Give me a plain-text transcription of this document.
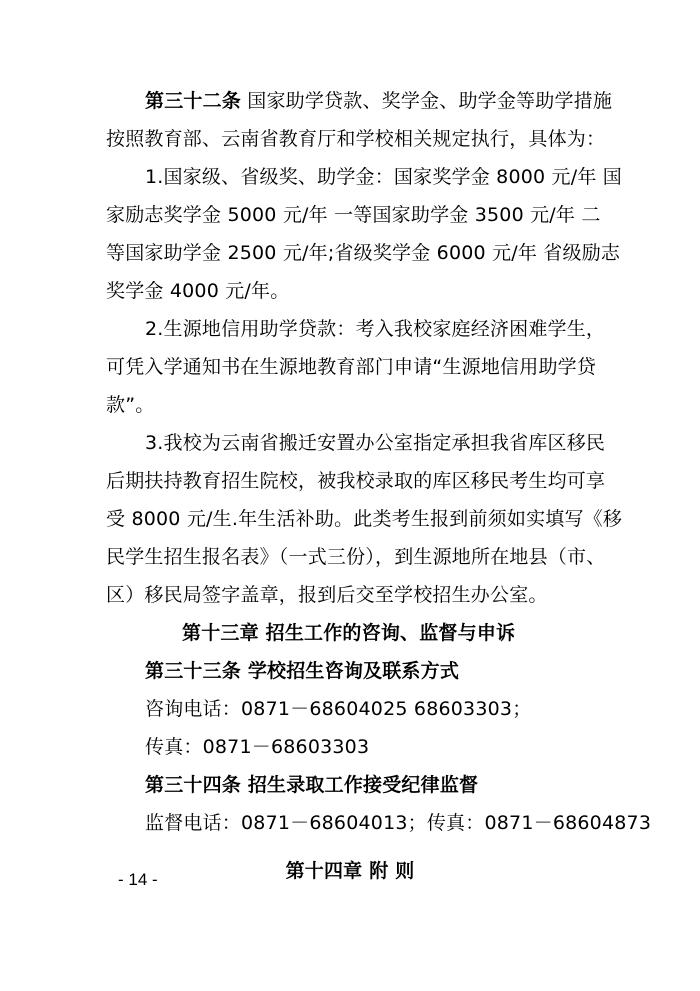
第三十二条 国家助学贷款、奖学金、助学金等助学措施
按照教育部、云南省教育厅和学校相关规定执行，具体为：
1.国家级、省级奖、助学金：国家奖学金 8000 元/年 国
家励志奖学金 5000 元/年 一等国家助学金 3500 元/年 二
等国家助学金 2500 元/年;省级奖学金 6000 元/年 省级励志
奖学金 4000 元/年。
2.生源地信用助学贷款：考入我校家庭经济困难学生，
可凭入学通知书在生源地教育部门申请“生源地信用助学贷
款”。
3.我校为云南省搬迁安置办公室指定承担我省库区移民
后期扶持教育招生院校，被我校录取的库区移民考生均可享
受 8000 元/生.年生活补助。此类考生报到前须如实填写《移
民学生招生报名表》（一式三份），到生源地所在地县（市、
区）移民局签字盖章，报到后交至学校招生办公室。
第十三章 招生工作的咨询、监督与申诉
第三十三条 学校招生咨询及联系方式
咨询电话：0871－68604025 68603303；
传真：0871－68603303
第三十四条 招生录取工作接受纪律监督
监督电话：0871－68604013；传真：0871－68604873
第十四章 附 则
- 14 -
